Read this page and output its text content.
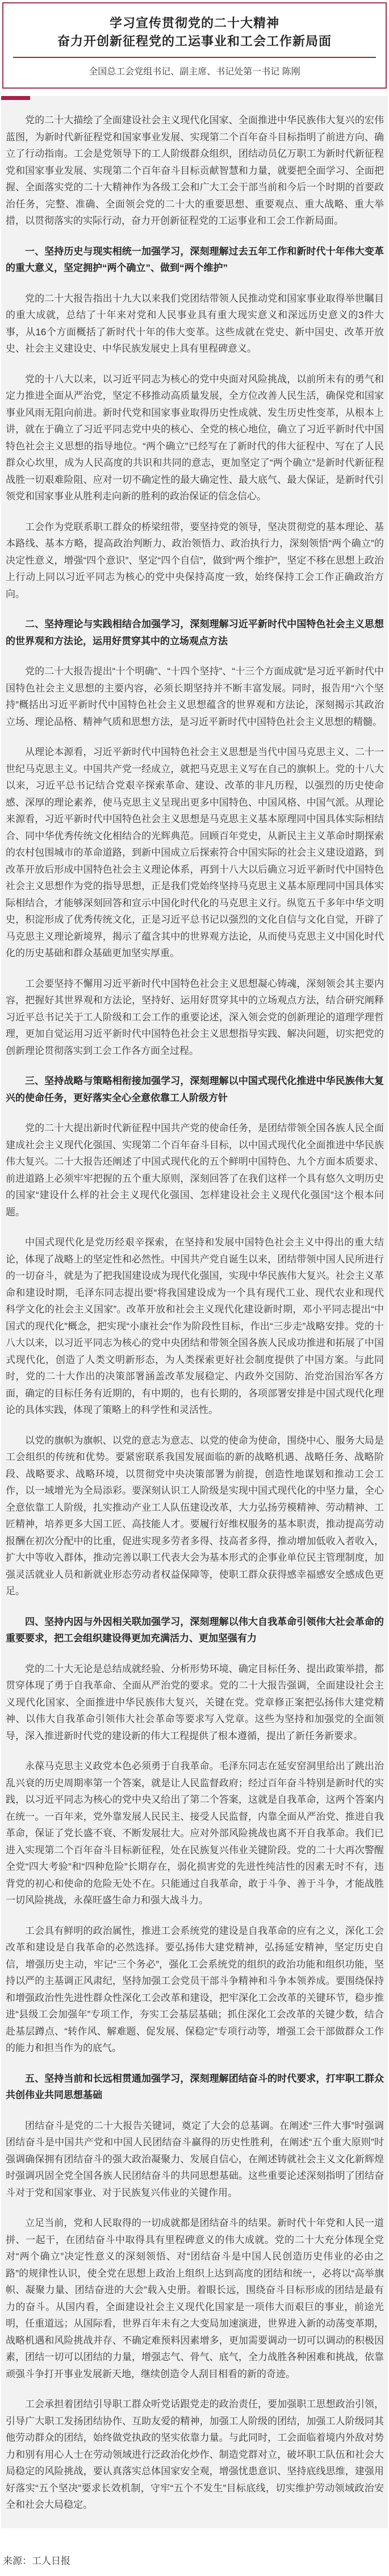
学习宣传贯彻党的二十大精神
奋力开创新征程党的工运事业和工会工作新局面
全国总工会党组书记、副主席、书记处第一书记 陈刚

党的二十大描绘了全面建设社会主义现代化国家、全面推进中华民族伟大复兴的宏伟蓝图，为新时代新征程党和国家事业发展、实现第二个百年奋斗目标指明了前进方向、确立了行动指南。工会是党领导下的工人阶级群众组织，团结动员亿万职工为新时代新征程党和国家事业发展、实现第二个百年奋斗目标贡献智慧和力量，就要把全面学习、全面把握、全面落实党的二十大精神作为各级工会和广大工会干部当前和今后一个时期的首要政治任务，完整、准确、全面领会党的二十大的重要思想、重要观点、重大战略、重大举措，以贯彻落实的实际行动，奋力开创新征程党的工运事业和工会工作新局面。

一、坚持历史与现实相统一加强学习，深刻理解过去五年工作和新时代十年伟大变革的重大意义，坚定拥护“两个确立”、做到“两个维护”

党的二十大报告指出十九大以来我们党团结带领人民推动党和国家事业取得举世瞩目的重大成就，总结了十年来对党和人民事业具有重大现实意义和深远历史意义的3件大事，从16个方面概括了新时代十年的伟大变革。这些成就在党史、新中国史、改革开放史、社会主义建设史、中华民族发展史上具有里程碑意义。

党的十八大以来，以习近平同志为核心的党中央面对风险挑战，以前所未有的勇气和定力推进全面从严治党，坚定不移推动高质量发展，全方位改善人民生活，确保党和国家事业风雨无阻向前进。新时代党和国家事业取得历史性成就、发生历史性变革，从根本上讲，就在于确立了习近平同志党中央的核心、全党的核心地位，确立了习近平新时代中国特色社会主义思想的指导地位。“两个确立”已经写在了新时代的伟大征程中、写在了人民群众心坎里，成为人民高度的共识和共同的意志，更加坚定了“两个确立”是新时代新征程战胜一切艰难险阻、应对一切不确定性的最大确定性、最大底气、最大保证，是新时代引领党和国家事业从胜利走向新的胜利的政治保证的信念信心。

工会作为党联系职工群众的桥梁纽带，要坚持党的领导，坚决贯彻党的基本理论、基本路线、基本方略，提高政治判断力、政治领悟力、政治执行力，深刻领悟“两个确立”的决定性意义，增强“四个意识”、坚定“四个自信”，做到“两个维护”，坚定不移在思想上政治上行动上同以习近平同志为核心的党中央保持高度一致，始终保持工会工作正确政治方向。

二、坚持理论与实践相结合加强学习，深刻理解习近平新时代中国特色社会主义思想的世界观和方法论，运用好贯穿其中的立场观点方法

党的二十大报告提出“十个明确”、“十四个坚持”、“十三个方面成就”是习近平新时代中国特色社会主义思想的主要内容，必须长期坚持并不断丰富发展。同时，报告用“六个坚持”概括出习近平新时代中国特色社会主义思想蕴含的世界观和方法论，深刻揭示其政治立场、理论品格、精神气质和思想方法，是习近平新时代中国特色社会主义思想的精髓。

从理论本源看，习近平新时代中国特色社会主义思想是当代中国马克思主义、二十一世纪马克思主义。中国共产党一经成立，就把马克思主义写在自己的旗帜上。党的十八大以来，习近平总书记结合党艰辛探索革命、建设、改革的非凡历程，以强烈的历史使命感、深厚的理论素养，使马克思主义呈现出更多中国特色、中国风格、中国气派。从理论来源看，习近平新时代中国特色社会主义思想是马克思主义基本原理同中国具体实际相结合、同中华优秀传统文化相结合的光辉典范。回顾百年党史，从新民主主义革命时期探索的农村包围城市的革命道路，到新中国成立后探索符合中国实际的社会主义建设道路，到改革开放后形成中国特色社会主义理论体系，再到十八大以后确立习近平新时代中国特色社会主义思想作为党的指导思想，正是我们党始终坚持马克思主义基本原理同中国具体实际相结合，才能够深刻回答和宣示中国化时代化的马克思主义行。纵览五千多年中华文明史，积淀形成了优秀传统文化，正是习近平总书记以强烈的文化自信与文化自觉，开辟了马克思主义理论新境界，揭示了蕴含其中的世界观方法论，从而使马克思主义中国化时代化的历史基础和群众基础更加坚实厚重。

工会要坚持不懈用习近平新时代中国特色社会主义思想凝心铸魂，深刻领会其主要内容，把握好其世界观和方法论，坚持好、运用好贯穿其中的立场观点方法，结合研究阐释习近平总书记关于工人阶级和工会工作的重要论述，深入领会党的创新理论的道理学理哲理，更加自觉运用习近平新时代中国特色社会主义思想指导实践、解决问题，切实把党的创新理论贯彻落实到工会工作各方面全过程。

三、坚持战略与策略相衔接加强学习，深刻理解以中国式现代化推进中华民族伟大复兴的使命任务，更好落实全心全意依靠工人阶级方针

党的二十大提出新时代新征程中国共产党的使命任务，是团结带领全国各族人民全面建成社会主义现代化强国、实现第二个百年奋斗目标，以中国式现代化全面推进中华民族伟大复兴。二十大报告还阐述了中国式现代化的五个鲜明中国特色、九个方面本质要求、前进道路上必须牢牢把握的五个重大原则，深刻回答了在我们这样一个具有悠久文明历史的国家“建设什么样的社会主义现代化强国、怎样建设社会主义现代化强国”这个根本问题。

中国式现代化是党历经艰辛探索，在坚持和发展中国特色社会主义中得出的重大结论，体现了战略上的坚定性和必然性。中国共产党自诞生以来，团结带领中国人民所进行的一切奋斗，就是为了把我国建设成为现代化强国，实现中华民族伟大复兴。社会主义革命和建设时期，毛泽东同志提出要“将我国建设成为一个具有现代工业、现代农业和现代科学文化的社会主义国家”。改革开放和社会主义现代化建设新时期，邓小平同志提出“中国式的现代化”概念，把实现“小康社会”作为阶段性目标，作出“三步走”战略安排。党的十八大以来，以习近平同志为核心的党中央团结和带领全国各族人民成功推进和拓展了中国式现代化，创造了人类文明新形态，为人类探索更好社会制度提供了中国方案。与此同时，党的二十大作出的决策部署涵盖改革发展稳定、内政外交国防、治党治国治军各方面，确定的目标任务有近期的，有中期的，也有长期的，各项部署安排是中国式现代化理论的具体实践，体现了策略上的科学性和灵活性。

以党的旗帜为旗帜、以党的意志为意志、以党的使命为使命，围绕中心、服务大局是工会组织的传统和优势。要紧密联系我国发展面临的新的战略机遇、战略任务、战略阶段、战略要求、战略环境，以贯彻党中央决策部署为前提，创造性地谋划和推动工会工作，以一域增光为全局添彩。要深刻认识工人阶级是实现中国式现代化的中坚力量，全心全意依靠工人阶级，扎实推动产业工人队伍建设改革，大力弘扬劳模精神、劳动精神、工匠精神，培养更多大国工匠、高技能人才。要履行好维权服务的基本职责，推动提高劳动报酬在初次分配中的比重，促进实现多劳者多得、技高者多得，推动增加低收入者收入，扩大中等收入群体，推动完善以职工代表大会为基本形式的企事业单位民主管理制度，加强灵活就业人员和新就业形态劳动者权益保障等，使职工群众获得感幸福感安全感成色更足。

四、坚持内因与外因相关联加强学习，深刻理解以伟大自我革命引领伟大社会革命的重要要求，把工会组织建设得更加充满活力、更加坚强有力

党的二十大无论是总结成就经验、分析形势环境、确定目标任务、提出政策举措，都贯穿体现了勇于自我革命、全面从严治党的要求。党的二十大报告强调，全面建设社会主义现代化国家、全面推进中华民族伟大复兴，关键在党。党章修正案把弘扬伟大建党精神、以伟大自我革命引领伟大社会革命等要求写入党章。这些为坚持和加强党的全面领导，深入推进新时代党的建设新的伟大工程提供了根本遵循，提出了新任务新要求。

永葆马克思主义政党本色必须勇于自我革命。毛泽东同志在延安窑洞里给出了跳出治乱兴衰的历史周期率第一个答案，就是让人民监督政府；经过百年奋斗特别是新时代的实践，以习近平同志为核心的党中央又给出了第二个答案，这就是自我革命，这两个答案内在统一。一百年来，党外靠发展人民民主、接受人民监督，内靠全面从严治党、推进自我革命，保证了党长盛不衰、不断发展壮大。应对外部风险挑战也离不开自我革命。我们已进入实现第二个百年奋斗目标新征程，处在民族复兴伟业关键阶段。党的二十大再次警醒全党“四大考验”和“四种危险”长期存在，弱化损害党的先进性纯洁性的因素无时不有，违背党的初心和使命的危险无处不在。只能通过自我革命，敢于斗争、善于斗争，才能战胜一切风险挑战，永葆旺盛生命力和强大战斗力。

工会具有鲜明的政治属性，推进工会系统党的建设是自我革命的应有之义，深化工会改革和建设是自我革命的必然选择。要弘扬伟大建党精神，弘扬延安精神，坚定历史自信，增强历史主动，牢记“三个务必”，强化工会系统党的组织的政治功能和组织功能，坚持以严的主基调正风肃纪，坚持加强工会党员干部斗争精神和斗争本领养成。要围绕保持和增强政治性先进性群众性深化工会改革和建设，把牢深化工会改革的关键环节，稳步推进“县级工会加强年”专项工作，夯实工会基层基础；抓住深化工会改革的关键少数，结合赴基层蹲点、“转作风、解难题、促发展、保稳定”专项行动等，增强工会干部做群众工作的能力和担当作为的底气。

五、坚持当前和长远相贯通加强学习，深刻理解团结奋斗的时代要求，打牢职工群众共创伟业共同思想基础

团结奋斗是党的二十大报告关键词，奠定了大会的总基调。在阐述“三件大事”时强调团结奋斗是中国共产党和中国人民团结奋斗赢得的历史性胜利，在阐述“五个重大原则”时强调确保拥有团结奋斗的强大政治凝聚力、发展自信心，在阐述铸就社会主义文化新辉煌时强调巩固全党全国各族人民团结奋斗的共同思想基础。这些重要论述深刻指明了团结奋斗对于党和国家事业、对于民族复兴伟业的关键作用。

立足当前，党和人民取得的一切成就都是团结奋斗的结果。新时代十年党和人民一道拼、一起干，在团结奋斗中取得具有里程碑意义的伟大成就。党的二十大充分体现全党对“两个确立”决定性意义的深刻领悟、对“团结奋斗是中国人民创造历史伟业的必由之路”的规律性认识，使全党在思想上政治上组织上达到高度的团结和统一，必将以“高举旗帜、凝聚力量、团结奋进的大会”载入史册。着眼长远，围绕奋斗目标形成的团结是最有力的奋斗。从国内看，全面建设社会主义现代化国家是一项伟大而艰巨的事业，前途光明，任重道远；从国际看，世界百年未有之大变局加速演进，世界进入新的动荡变革期，战略机遇和风险挑战并存、不确定难预料因素增多，更加需要调动一切可以调动的积极因素，团结一切可以团结的力量，增强志气、骨气、底气，全力战胜各种困难和挑战，依靠顽强斗争打开事业发展新天地，继续创造令人刮目相看的新的奇迹。

工会承担着团结引导职工群众听党话跟党走的政治责任，要加强职工思想政治引领，引导广大职工发扬团结协作、互助友爱的精神，加强工人阶级的团结，加强工人阶级同其他劳动群众的团结，始终做党执政的坚实依靠力量。与此同时，工会面临着境内外敌对势力和别有用心人士在劳动领域进行泛政治化炒作、制造党群对立，破坏职工队伍和社会大局稳定的风险挑战，要认真落实总体国家安全观，增强忧患意识、坚持底线思维，建强用好落实“五个坚决”要求长效机制，守牢“五个不发生”目标底线，切实维护劳动领域政治安全和社会大局稳定。

来源：工人日报
